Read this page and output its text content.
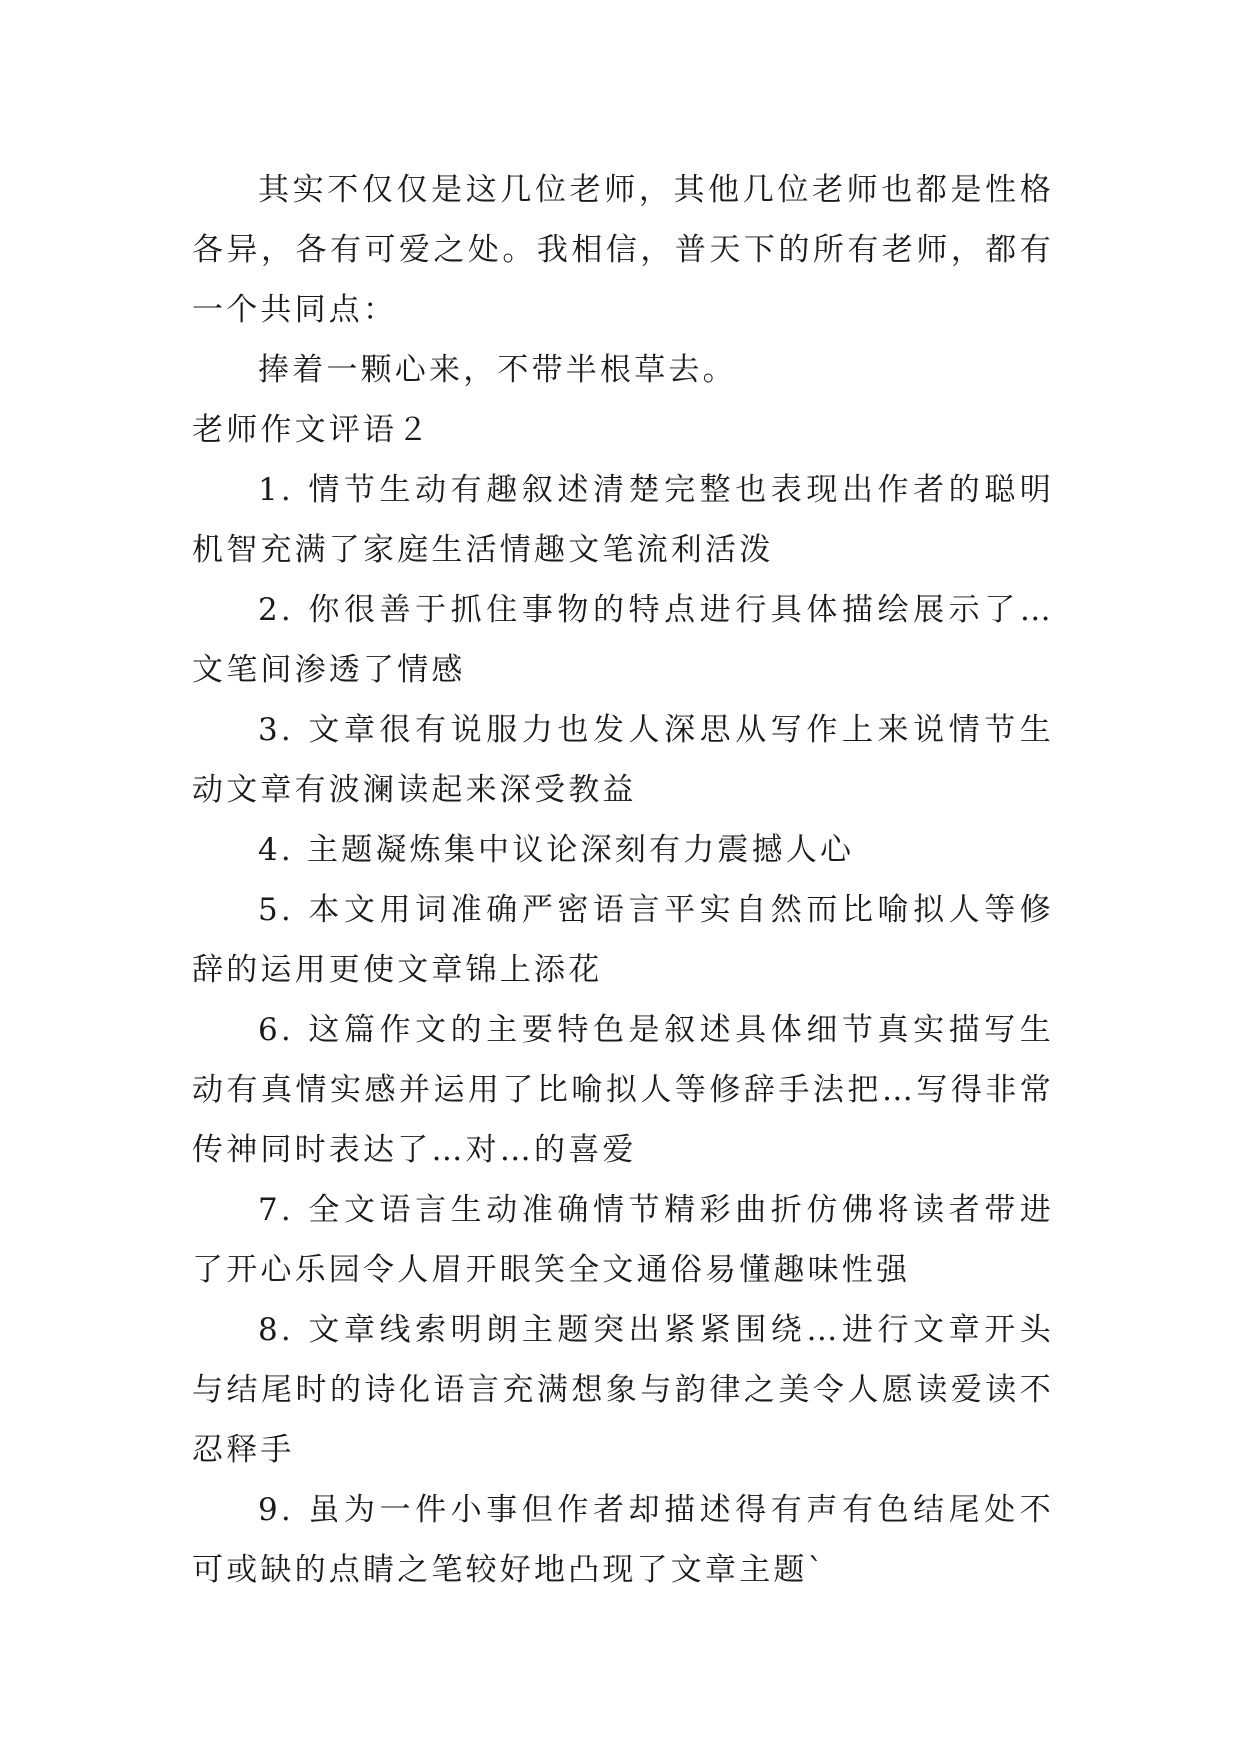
其实不仅仅是这几位老师，其他几位老师也都是性格各异，各有可爱之处。我相信，普天下的所有老师，都有一个共同点：

捧着一颗心来，不带半根草去。

老师作文评语２

1. 情节生动有趣叙述清楚完整也表现出作者的聪明机智充满了家庭生活情趣文笔流利活泼

2. 你很善于抓住事物的特点进行具体描绘展示了…文笔间渗透了情感

3. 文章很有说服力也发人深思从写作上来说情节生动文章有波澜读起来深受教益

4. 主题凝炼集中议论深刻有力震撼人心

5. 本文用词准确严密语言平实自然而比喻拟人等修辞的运用更使文章锦上添花

6. 这篇作文的主要特色是叙述具体细节真实描写生动有真情实感并运用了比喻拟人等修辞手法把…写得非常传神同时表达了…对…的喜爱

7. 全文语言生动准确情节精彩曲折仿佛将读者带进了开心乐园令人眉开眼笑全文通俗易懂趣味性强

8. 文章线索明朗主题突出紧紧围绕…进行文章开头与结尾时的诗化语言充满想象与韵律之美令人愿读爱读不忍释手

9. 虽为一件小事但作者却描述得有声有色结尾处不可或缺的点睛之笔较好地凸现了文章主题`
